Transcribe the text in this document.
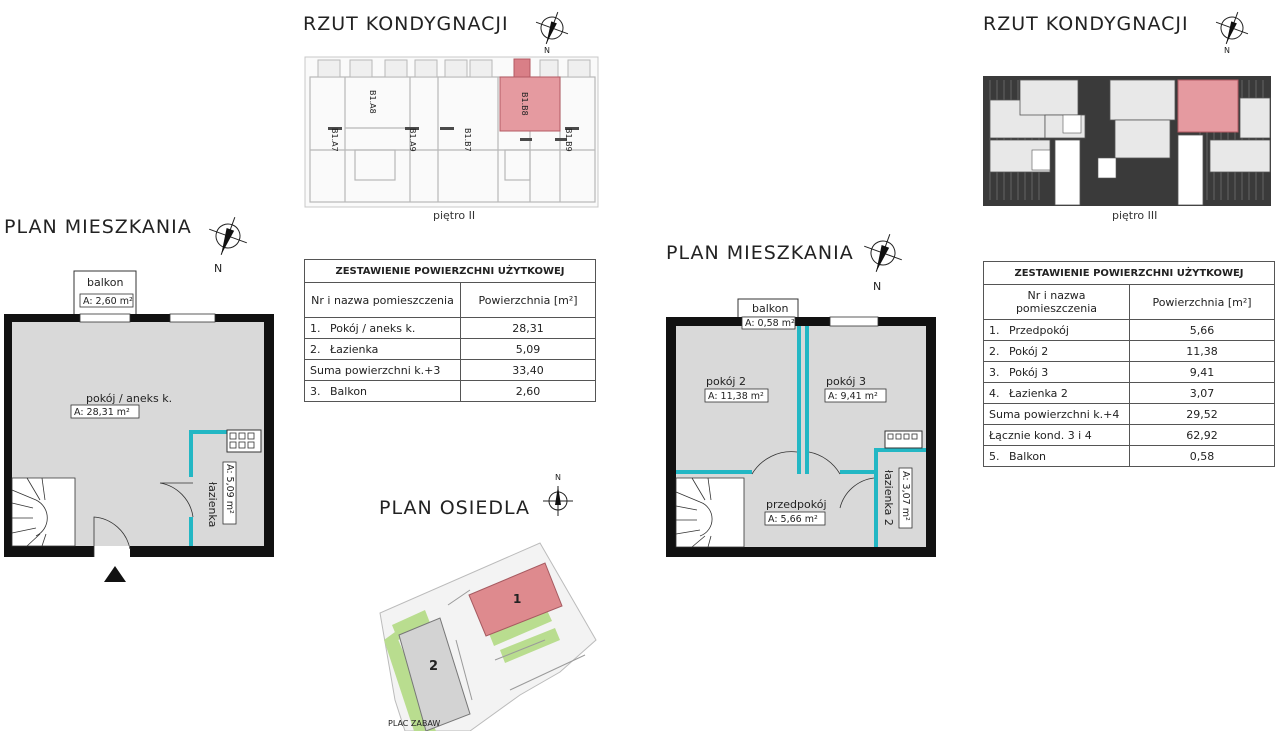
RZUT KONDYGNACJI	RZUT KONDYGNACJI
PLAN MIESZKANIA
PLAN MIESZKANIA
PLAN OSIEDLA
piętro II	piętro III
N	N
N
N
N
B1.A8
B1.A7	B1.A9	B1.B7
B1.B8
B1.B9
balkon
A: 2,60 m²
pokój / aneks k.
A: 28,31 m²
łazienka A: 5,09 m²
balkon
A: 0,58 m²
pokój 2
A: 11,38 m²
pokój 3
A: 9,41 m²
przedpokój
A: 5,66 m²	łazienka 2 A: 3,07 m²
1
2
PLAC ZABAW
ZESTAWIENIE POWIERZCHNI UŻYTKOWEJ	
Nr i nazwa pomieszczenia	Powierzchnia [m²]
1. Pokój / aneks k.	28,31
2. Łazienka	5,09
Suma powierzchni k.+3	33,40
3. Balkon	2,60
ZESTAWIENIE POWIERZCHNI UŻYTKOWEJ	
Nr i nazwa pomieszczenia	Powierzchnia [m²]
1. Przedpokój	5,66
2. Pokój 2	11,38
3. Pokój 3	9,41
4. Łazienka 2	3,07
Suma powierzchni k.+4	29,52
Łącznie kond. 3 i 4	62,92
5. Balkon	0,58
